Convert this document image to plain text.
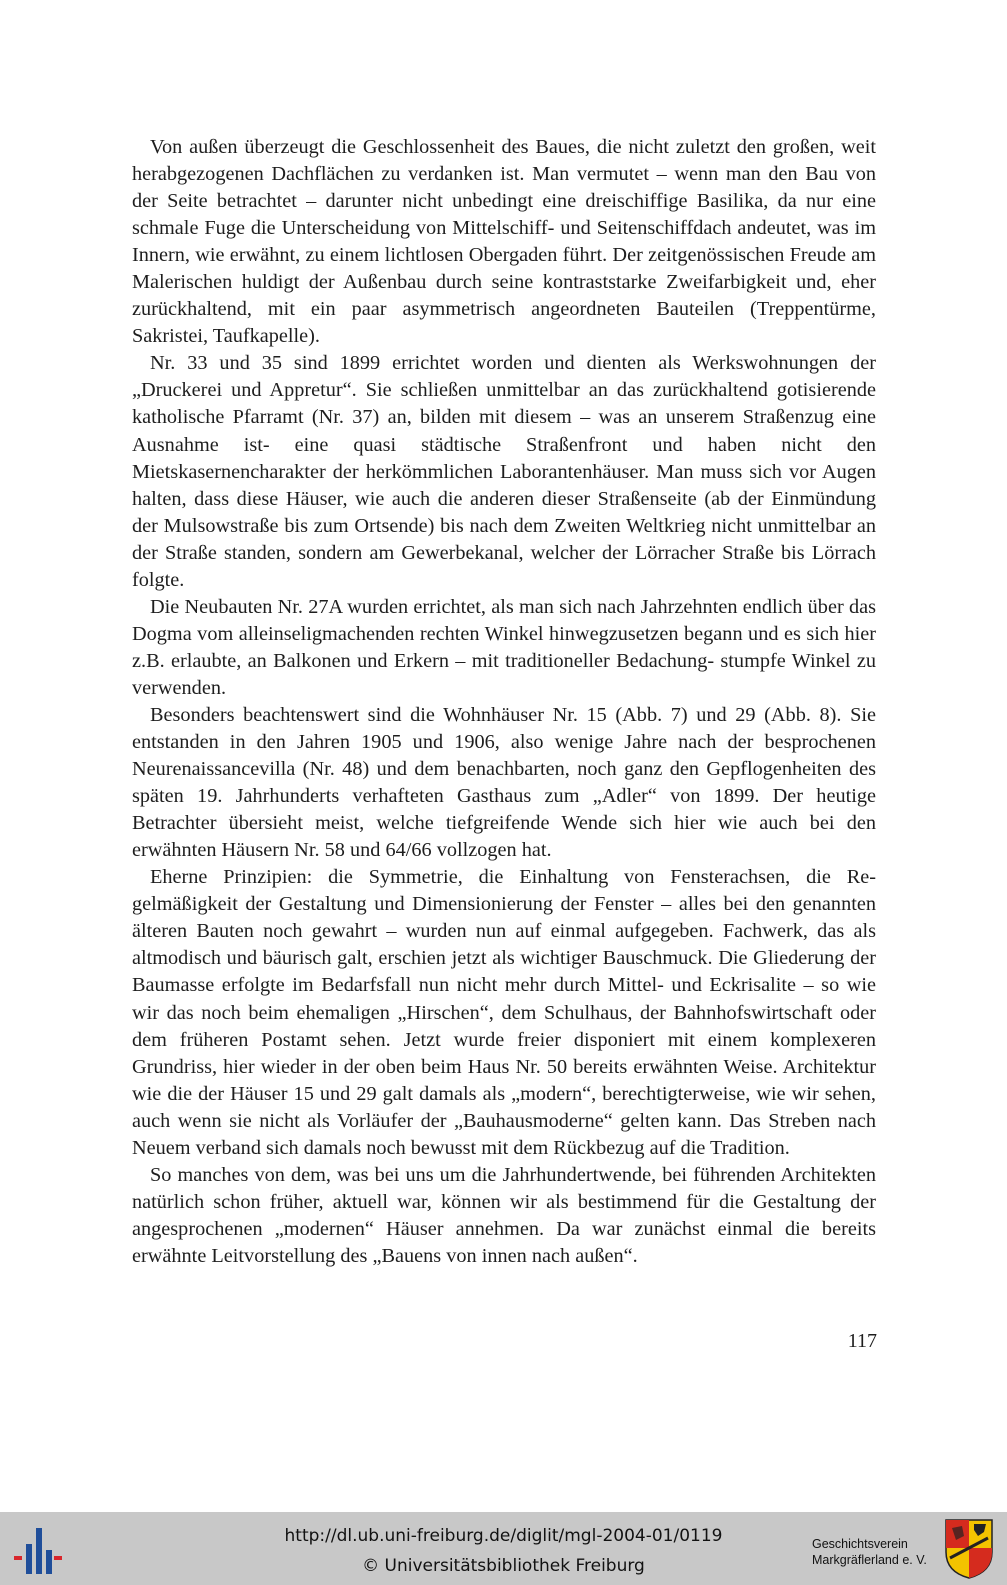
Von außen überzeugt die Geschlossenheit des Baues, die nicht zuletzt den großen, weit herabgezogenen Dachflächen zu verdanken ist. Man vermutet – wenn man den Bau von der Seite betrachtet – darunter nicht unbedingt eine dreischiffige Basilika, da nur eine schmale Fuge die Unterscheidung von Mittelschiff- und Seitenschiffdach andeutet, was im Innern, wie erwähnt, zu einem lichtlosen Obergaden führt. Der zeitgenössischen Freude am Malerischen huldigt der Außenbau durch seine kontraststarke Zweifarbigkeit und, eher zurückhaltend, mit ein paar asymmetrisch angeordneten Bauteilen (Treppentürme, Sakristei, Taufkapelle).

Nr. 33 und 35 sind 1899 errichtet worden und dienten als Werkswohnungen der „Druckerei und Appretur“. Sie schließen unmittelbar an das zurückhaltend gotisierende katholische Pfarramt (Nr. 37) an, bilden mit diesem – was an unserem Straßenzug eine Ausnahme ist- eine quasi städtische Straßenfront und haben nicht den Mietskasernencharakter der herkömmlichen Laborantenhäuser. Man muss sich vor Augen halten, dass diese Häuser, wie auch die anderen dieser Straßenseite (ab der Einmündung der Mulsowstraße bis zum Ortsende) bis nach dem Zweiten Weltkrieg nicht unmittelbar an der Straße standen, sondern am Gewerbekanal, welcher der Lörracher Straße bis Lörrach folgte.

Die Neubauten Nr. 27A wurden errichtet, als man sich nach Jahrzehnten endlich über das Dogma vom alleinseligmachenden rechten Winkel hinwegzusetzen begann und es sich hier z.B. erlaubte, an Balkonen und Erkern – mit traditioneller Bedachung- stumpfe Winkel zu verwenden.

Besonders beachtenswert sind die Wohnhäuser Nr. 15 (Abb. 7) und 29 (Abb. 8). Sie entstanden in den Jahren 1905 und 1906, also wenige Jahre nach der besprochenen Neurenaissancevilla (Nr. 48) und dem benachbarten, noch ganz den Gepflogenheiten des späten 19. Jahrhunderts verhafteten Gasthaus zum „Adler“ von 1899. Der heutige Betrachter übersieht meist, welche tiefgreifende Wende sich hier wie auch bei den erwähnten Häusern Nr. 58 und 64/66 vollzogen hat.

Eherne Prinzipien: die Symmetrie, die Einhaltung von Fensterachsen, die Regelmäßigkeit der Gestaltung und Dimensionierung der Fenster – alles bei den genannten älteren Bauten noch gewahrt – wurden nun auf einmal aufgegeben. Fachwerk, das als altmodisch und bäurisch galt, erschien jetzt als wichtiger Bauschmuck. Die Gliederung der Baumasse erfolgte im Bedarfsfall nun nicht mehr durch Mittel- und Eckrisalite – so wie wir das noch beim ehemaligen „Hirschen“, dem Schulhaus, der Bahnhofswirtschaft oder dem früheren Postamt sehen. Jetzt wurde freier disponiert mit einem komplexeren Grundriss, hier wieder in der oben beim Haus Nr. 50 bereits erwähnten Weise. Architektur wie die der Häuser 15 und 29 galt damals als „modern“, berechtigterweise, wie wir sehen, auch wenn sie nicht als Vorläufer der „Bauhausmoderne“ gelten kann. Das Streben nach Neuem verband sich damals noch bewusst mit dem Rückbezug auf die Tradition.

So manches von dem, was bei uns um die Jahrhundertwende, bei führenden Architekten natürlich schon früher, aktuell war, können wir als bestimmend für die Gestaltung der angesprochenen „modernen“ Häuser annehmen. Da war zunächst einmal die bereits erwähnte Leitvorstellung des „Bauens von innen nach außen“.

117
http://dl.ub.uni-freiburg.de/diglit/mgl-2004-01/0119
© Universitätsbibliothek Freiburg
Geschichtsverein
Markgräflerland e. V.
